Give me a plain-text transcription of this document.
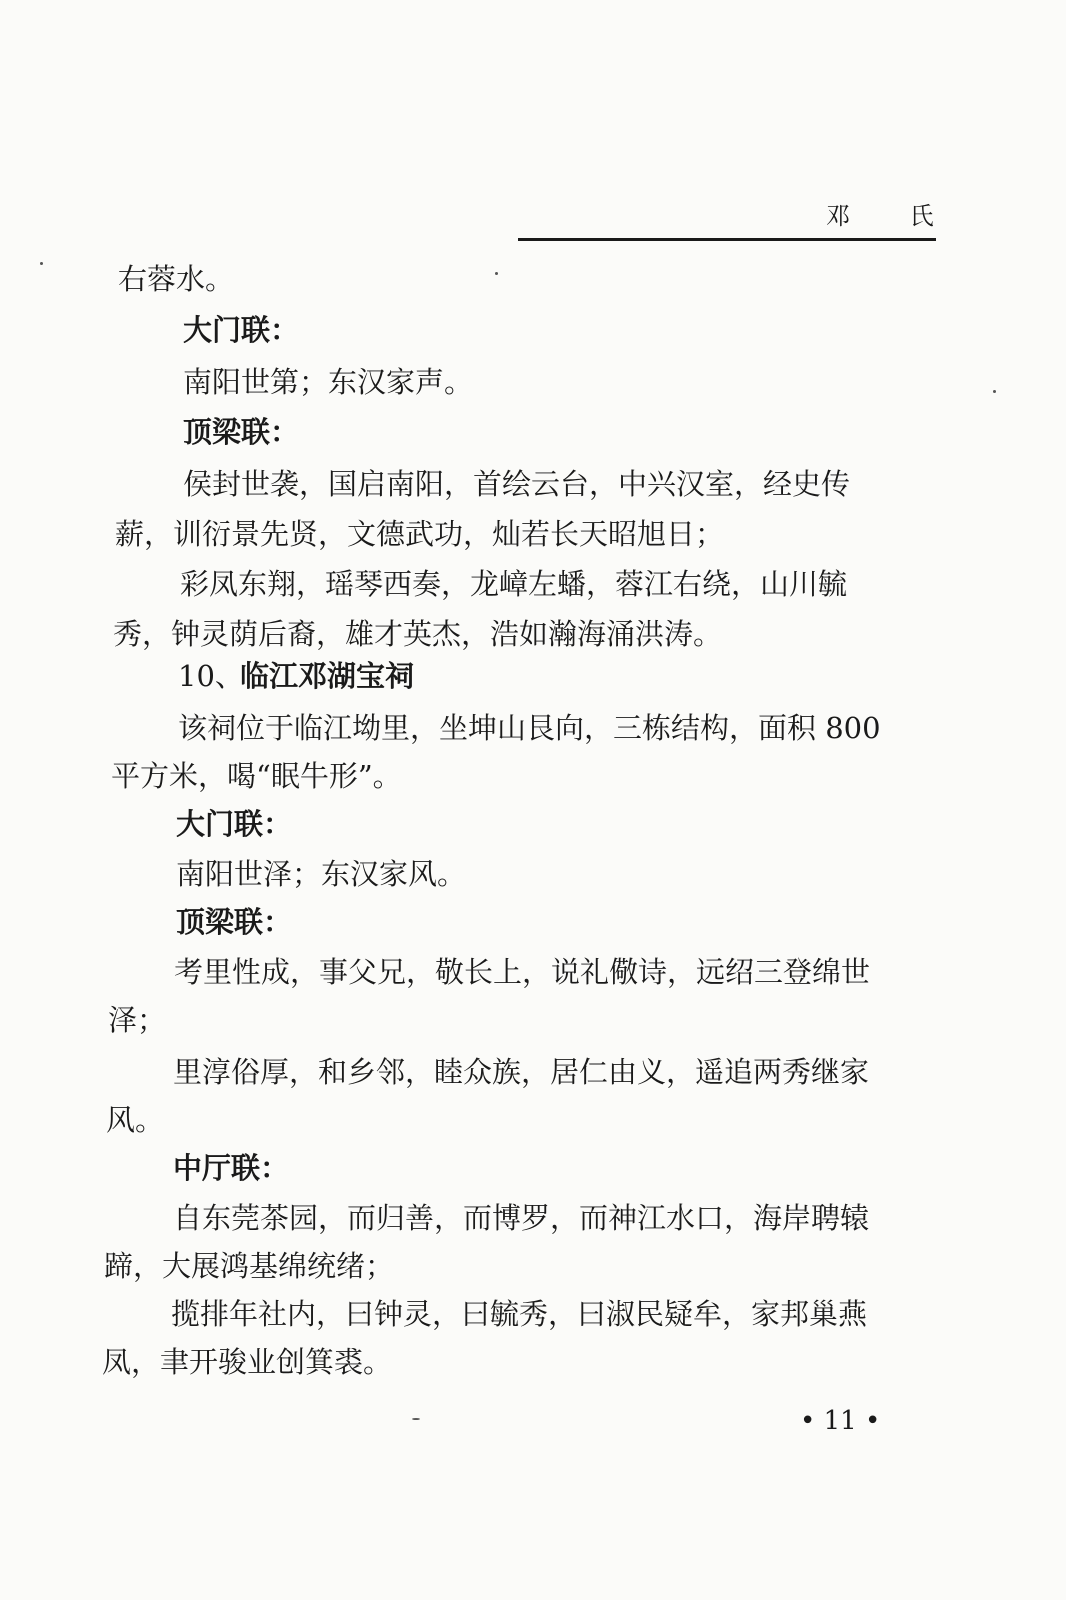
邓 氏
右蓉水。
大门联：
南阳世第；东汉家声。
顶梁联：
侯封世袭，国启南阳，首绘云台，中兴汉室，经史传
薪，训衍景先贤，文德武功，灿若长天昭旭日；
彩凤东翔，瑶琴西奏，龙嶂左蟠，蓉江右绕，山川毓
秀，钟灵荫后裔，雄才英杰，浩如瀚海涌洪涛。
10、
临江邓湖宝祠
该祠位于临江坳里，坐坤山艮向，三栋结构，面积 800
平方米，喝“眠牛形”。
大门联：
南阳世泽；东汉家风。
顶梁联：
考里性成，事父兄，敬长上，说礼儆诗，远绍三登绵世
泽；
里淳俗厚，和乡邻，睦众族，居仁由义，遥追两秀继家
风。
中厅联：
自东莞茶园，而归善，而博罗，而神江水口，海岸聘辕
蹄，大展鸿基绵统绪；
揽排年社内，曰钟灵，曰毓秀，曰淑民疑牟，家邦巢燕
凤，聿开骏业创箕裘。
• 11 •
